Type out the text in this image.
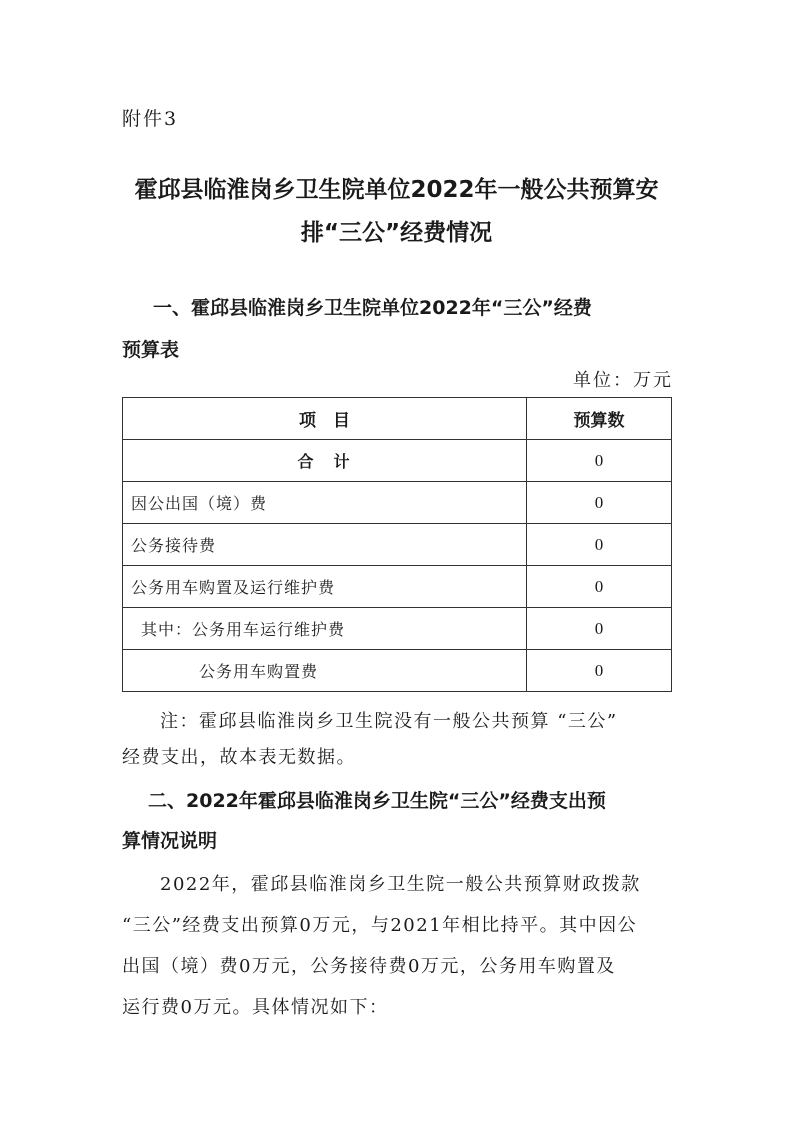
附件3
霍邱县临淮岗乡卫生院单位2022年一般公共预算安
排“三公”经费情况
一、霍邱县临淮岗乡卫生院单位2022年“三公”经费
预算表
单位：万元
项　目	预算数
合　计	0
因公出国（境）费	0
公务接待费	0
公务用车购置及运行维护费	0
其中：公务用车运行维护费	0
公务用车购置费	0
注：霍邱县临淮岗乡卫生院没有一般公共预算 “三公”
经费支出，故本表无数据。
二、2022年霍邱县临淮岗乡卫生院“三公”经费支出预
算情况说明
2022年，霍邱县临淮岗乡卫生院一般公共预算财政拨款
“三公”经费支出预算0万元，与2021年相比持平。其中因公
出国（境）费0万元，公务接待费0万元，公务用车购置及
运行费0万元。具体情况如下：
